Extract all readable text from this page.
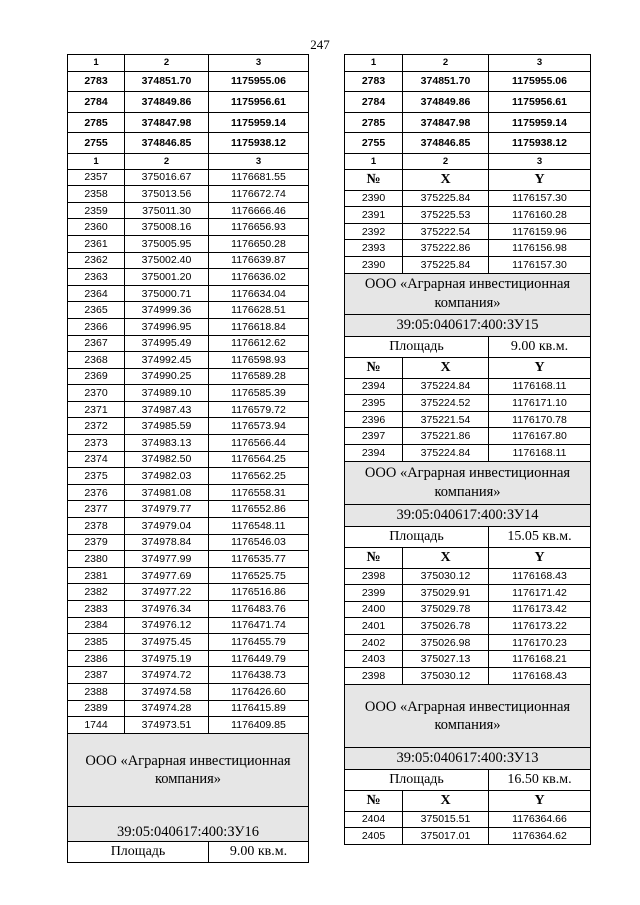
247
1	2	3
2783	374851.70	1175955.06
2784	374849.86	1175956.61
2785	374847.98	1175959.14
2755	374846.85	1175938.12
1	2	3
2357	375016.67	1176681.55
2358	375013.56	1176672.74
2359	375011.30	1176666.46
2360	375008.16	1176656.93
2361	375005.95	1176650.28
2362	375002.40	1176639.87
2363	375001.20	1176636.02
2364	375000.71	1176634.04
2365	374999.36	1176628.51
2366	374996.95	1176618.84
2367	374995.49	1176612.62
2368	374992.45	1176598.93
2369	374990.25	1176589.28
2370	374989.10	1176585.39
2371	374987.43	1176579.72
2372	374985.59	1176573.94
2373	374983.13	1176566.44
2374	374982.50	1176564.25
2375	374982.03	1176562.25
2376	374981.08	1176558.31
2377	374979.77	1176552.86
2378	374979.04	1176548.11
2379	374978.84	1176546.03
2380	374977.99	1176535.77
2381	374977.69	1176525.75
2382	374977.22	1176516.86
2383	374976.34	1176483.76
2384	374976.12	1176471.74
2385	374975.45	1176455.79
2386	374975.19	1176449.79
2387	374974.72	1176438.73
2388	374974.58	1176426.60
2389	374974.28	1176415.89
1744	374973.51	1176409.85
ООО «Аграрная инвестиционная компания»		
39:05:040617:400:ЗУ16		
Площадь		9.00 кв.м.
1	2	3
2783	374851.70	1175955.06
2784	374849.86	1175956.61
2785	374847.98	1175959.14
2755	374846.85	1175938.12
1	2	3
№	X	Y
2390	375225.84	1176157.30
2391	375225.53	1176160.28
2392	375222.54	1176159.96
2393	375222.86	1176156.98
2390	375225.84	1176157.30
ООО «Аграрная инвестиционная компания»		
39:05:040617:400:ЗУ15		
Площадь		9.00 кв.м.
№	X	Y
2394	375224.84	1176168.11
2395	375224.52	1176171.10
2396	375221.54	1176170.78
2397	375221.86	1176167.80
2394	375224.84	1176168.11
ООО «Аграрная инвестиционная компания»		
39:05:040617:400:ЗУ14		
Площадь		15.05 кв.м.
№	X	Y
2398	375030.12	1176168.43
2399	375029.91	1176171.42
2400	375029.78	1176173.42
2401	375026.78	1176173.22
2402	375026.98	1176170.23
2403	375027.13	1176168.21
2398	375030.12	1176168.43
ООО «Аграрная инвестиционная компания»		
39:05:040617:400:ЗУ13		
Площадь		16.50 кв.м.
№	X	Y
2404	375015.51	1176364.66
2405	375017.01	1176364.62
